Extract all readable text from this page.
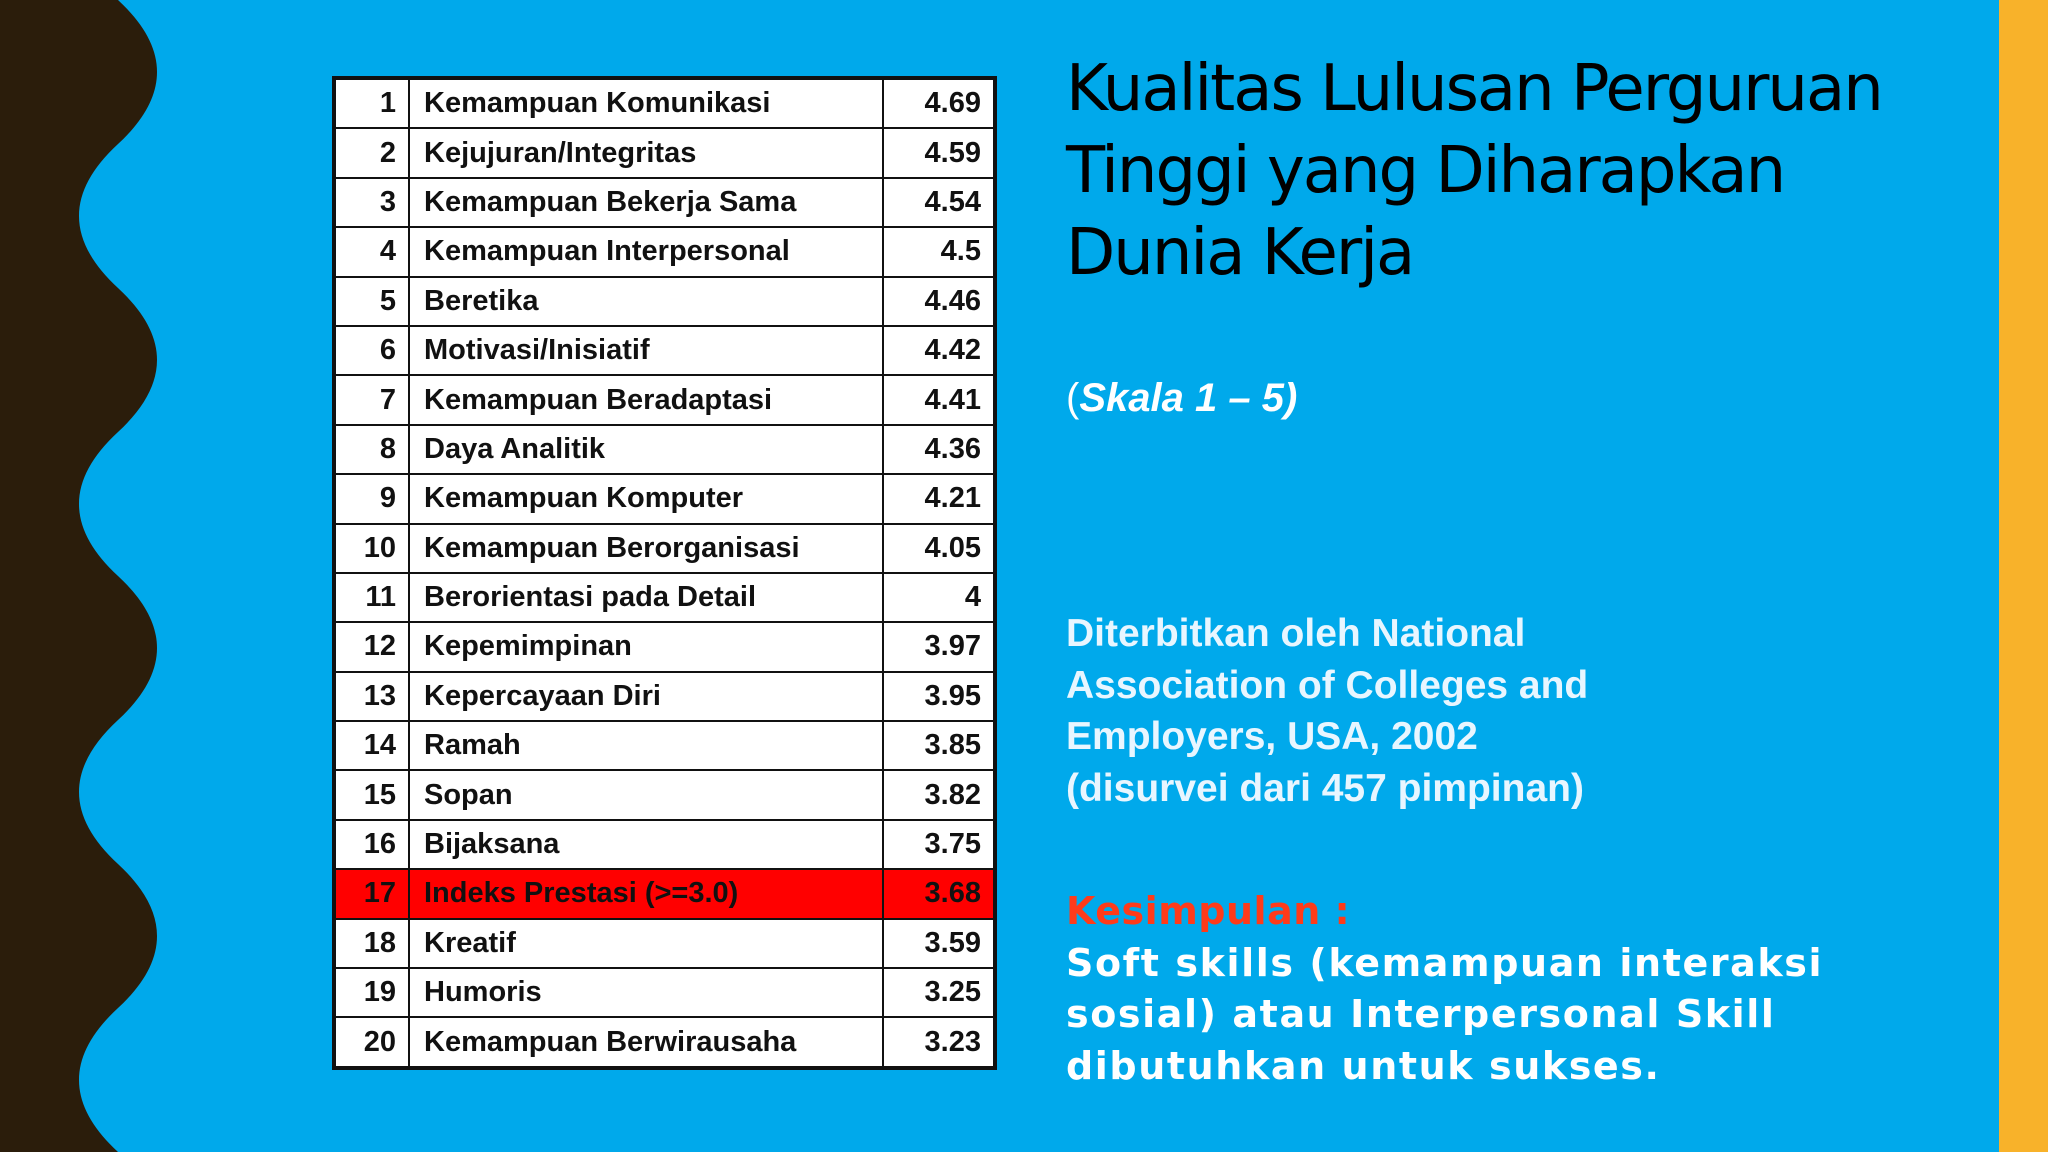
1	Kemampuan Komunikasi	4.69
2	Kejujuran/Integritas	4.59
3	Kemampuan Bekerja Sama	4.54
4	Kemampuan Interpersonal	4.5
5	Beretika	4.46
6	Motivasi/Inisiatif	4.42
7	Kemampuan Beradaptasi	4.41
8	Daya Analitik	4.36
9	Kemampuan Komputer	4.21
10	Kemampuan Berorganisasi	4.05
11	Berorientasi pada Detail	4
12	Kepemimpinan	3.97
13	Kepercayaan Diri	3.95
14	Ramah	3.85
15	Sopan	3.82
16	Bijaksana	3.75
17	Indeks Prestasi (>=3.0)	3.68
18	Kreatif	3.59
19	Humoris	3.25
20	Kemampuan Berwirausaha	3.23
Kualitas Lulusan Perguruan
Tinggi yang Diharapkan
Dunia Kerja
(Skala 1 – 5)
Diterbitkan oleh National
Association of Colleges and
Employers, USA, 2002
(disurvei dari 457 pimpinan)
Kesimpulan :
Soft skills (kemampuan interaksi
sosial) atau Interpersonal Skill
dibutuhkan untuk sukses.
